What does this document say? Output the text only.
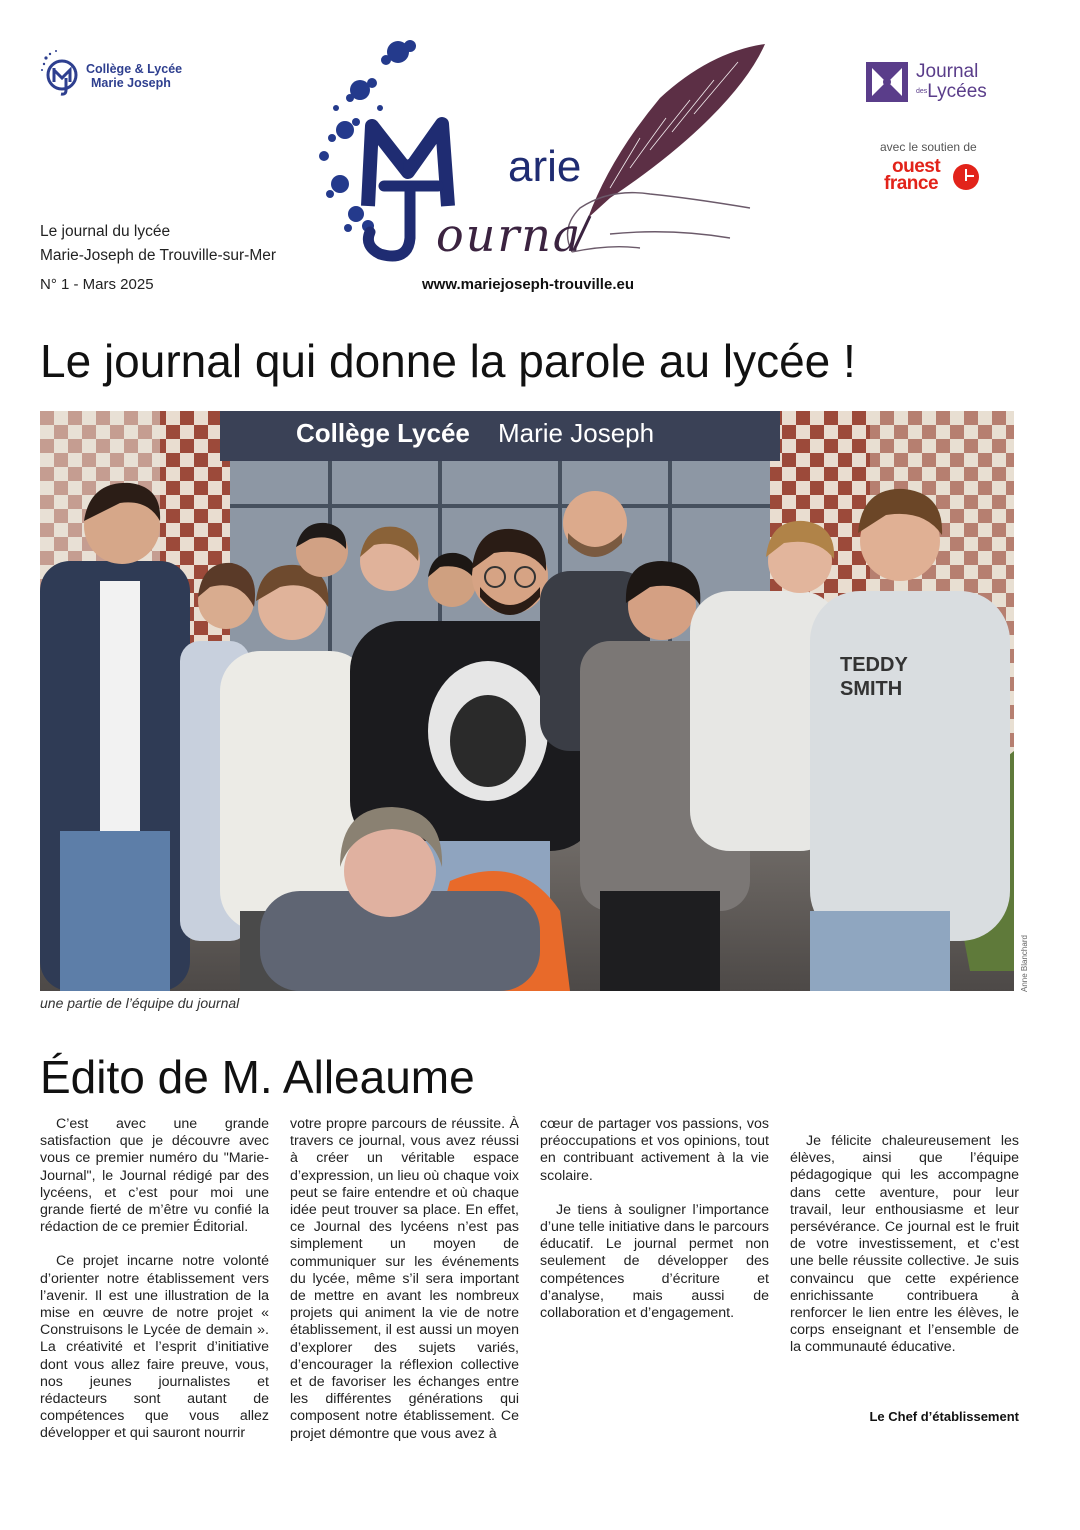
Collège & Lycée
Marie Joseph
Le journal du lycée
Marie-Joseph de Trouville-sur-Mer
N° 1 - Mars 2025	www.mariejoseph-trouville.eu
arie
ourna
Journal
desLycées
avec le soutien de
ouest
france
Le journal qui donne la parole au lycée !
Collège Lycée Marie Joseph
TEDDY
SMITH
Anne Blanchard
une partie de l’équipe du journal
Édito de M. Alleaume

C’est avec une grande satisfaction que je découvre avec vous ce premier numéro du "Marie-Journal", le Journal rédigé par des lycéens, et c’est pour moi une grande fierté de m’être vu confié la rédaction de ce premier Éditorial.

Ce projet incarne notre volonté d’orienter notre établissement vers l’avenir. Il est une illustration de la mise en œuvre de notre projet « Construisons le Lycée de demain ». La créativité et l’esprit d’initiative dont vous allez faire preuve, vous, nos jeunes journalistes et rédacteurs sont autant de compétences que vous allez développer et qui sauront nourrir

votre propre parcours de réussite. À travers ce journal, vous avez réussi à créer un véritable espace d’expression, un lieu où chaque voix peut se faire entendre et où chaque idée peut trouver sa place. En effet, ce Journal des lycéens n’est pas simplement un moyen de communiquer sur les événements du lycée, même s’il sera important de mettre en avant les nombreux projets qui animent la vie de notre établissement, il est aussi un moyen d’explorer des sujets variés, d’encourager la réflexion collective et de favoriser les échanges entre les différentes générations qui composent notre établissement. Ce projet démontre que vous avez à

cœur de partager vos passions, vos préoccupations et vos opinions, tout en contribuant activement à la vie scolaire.

Je tiens à souligner l’importance d’une telle initiative dans le parcours éducatif. Le journal permet non seulement de développer des compétences d’écriture et d’analyse, mais aussi de collaboration et d’engagement.

Je félicite chaleureusement les élèves, ainsi que l’équipe pédagogique qui les accompagne dans cette aventure, pour leur travail, leur enthousiasme et leur persévérance. Ce journal est le fruit de votre investissement, et c’est une belle réussite collective. Je suis convaincu que cette expérience enrichissante contribuera à renforcer le lien entre les élèves, le corps enseignant et l’ensemble de la communauté éducative.

Le Chef d’établissement
